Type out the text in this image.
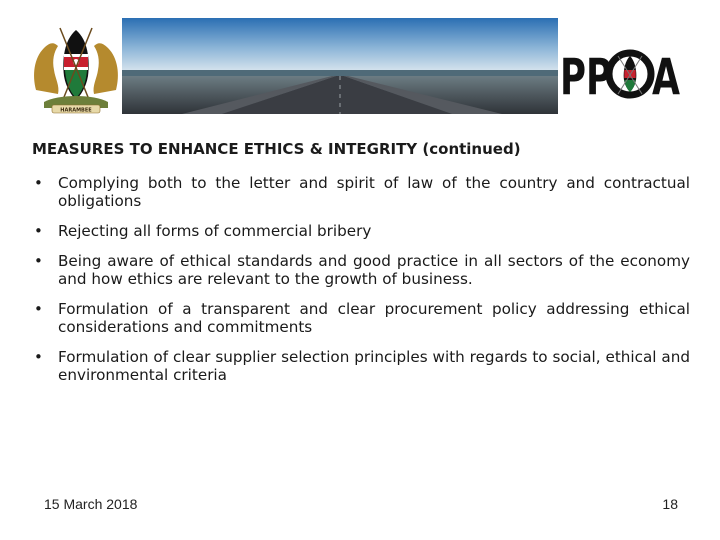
HARAMBEE
PP A
MEASURES TO ENHANCE ETHICS & INTEGRITY (continued)
• Complying both to the letter and spirit of law of the country and contractual obligations
• Rejecting all forms of commercial bribery
• Being aware of ethical standards and good practice in all sectors of the economy and how ethics are relevant to the growth of business.
• Formulation of a transparent and clear procurement policy addressing ethical considerations and commitments
• Formulation of clear supplier selection principles with regards to social, ethical and environmental criteria
15 March 2018	18
